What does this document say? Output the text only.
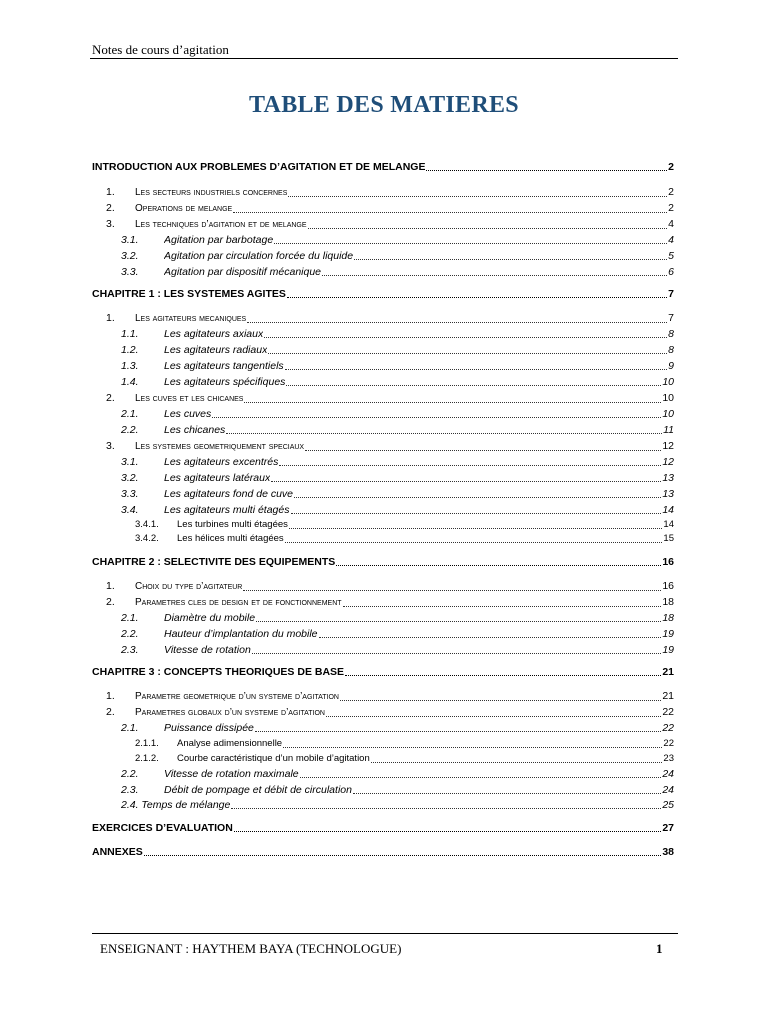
Notes de cours d’agitation
TABLE DES MATIERES
INTRODUCTION AUX PROBLEMES D’AGITATION ET DE MELANGE	2
1.	Les secteurs industriels concernes	2
2.	Operations de melange	2
3.	Les techniques d’agitation et de melange	4
3.1.	Agitation par barbotage	4
3.2.	Agitation par circulation forcée du liquide	5
3.3.	Agitation par dispositif mécanique	6
CHAPITRE 1 : LES SYSTEMES AGITES	7
1.	Les agitateurs mecaniques	7
1.1.	Les agitateurs axiaux	8
1.2.	Les agitateurs radiaux	8
1.3.	Les agitateurs tangentiels	9
1.4.	Les agitateurs spécifiques	10
2.	Les cuves et les chicanes	10
2.1.	Les cuves	10
2.2.	Les chicanes	11
3.	Les systemes geometriquement speciaux	12
3.1.	Les agitateurs excentrés	12
3.2.	Les agitateurs latéraux	13
3.3.	Les agitateurs fond de cuve	13
3.4.	Les agitateurs multi étagés	14
3.4.1.	Les turbines multi étagées	14
3.4.2.	Les hélices multi étagées	15
CHAPITRE 2 : SELECTIVITE DES EQUIPEMENTS	16
1.	Choix du type d’agitateur	16
2.	Parametres cles de design et de fonctionnement	18
2.1.	Diamètre du mobile	18
2.2.	Hauteur d’implantation du mobile	19
2.3.	Vitesse de rotation	19
CHAPITRE 3 : CONCEPTS THEORIQUES DE BASE	21
1.	Parametre geometrique d’un systeme d’agitation	21
2.	Parametres globaux d’un systeme d’agitation	22
2.1.	Puissance dissipée	22
2.1.1.	Analyse adimensionnelle	22
2.1.2.	Courbe caractéristique d’un mobile d’agitation	23
2.2.	Vitesse de rotation maximale	24
2.3.	Débit de pompage et débit de circulation	24
2.4. Temps de mélange	25
EXERCICES D’EVALUATION	27
ANNEXES	38
ENSEIGNANT : HAYTHEM BAYA (TECHNOLOGUE)	1
